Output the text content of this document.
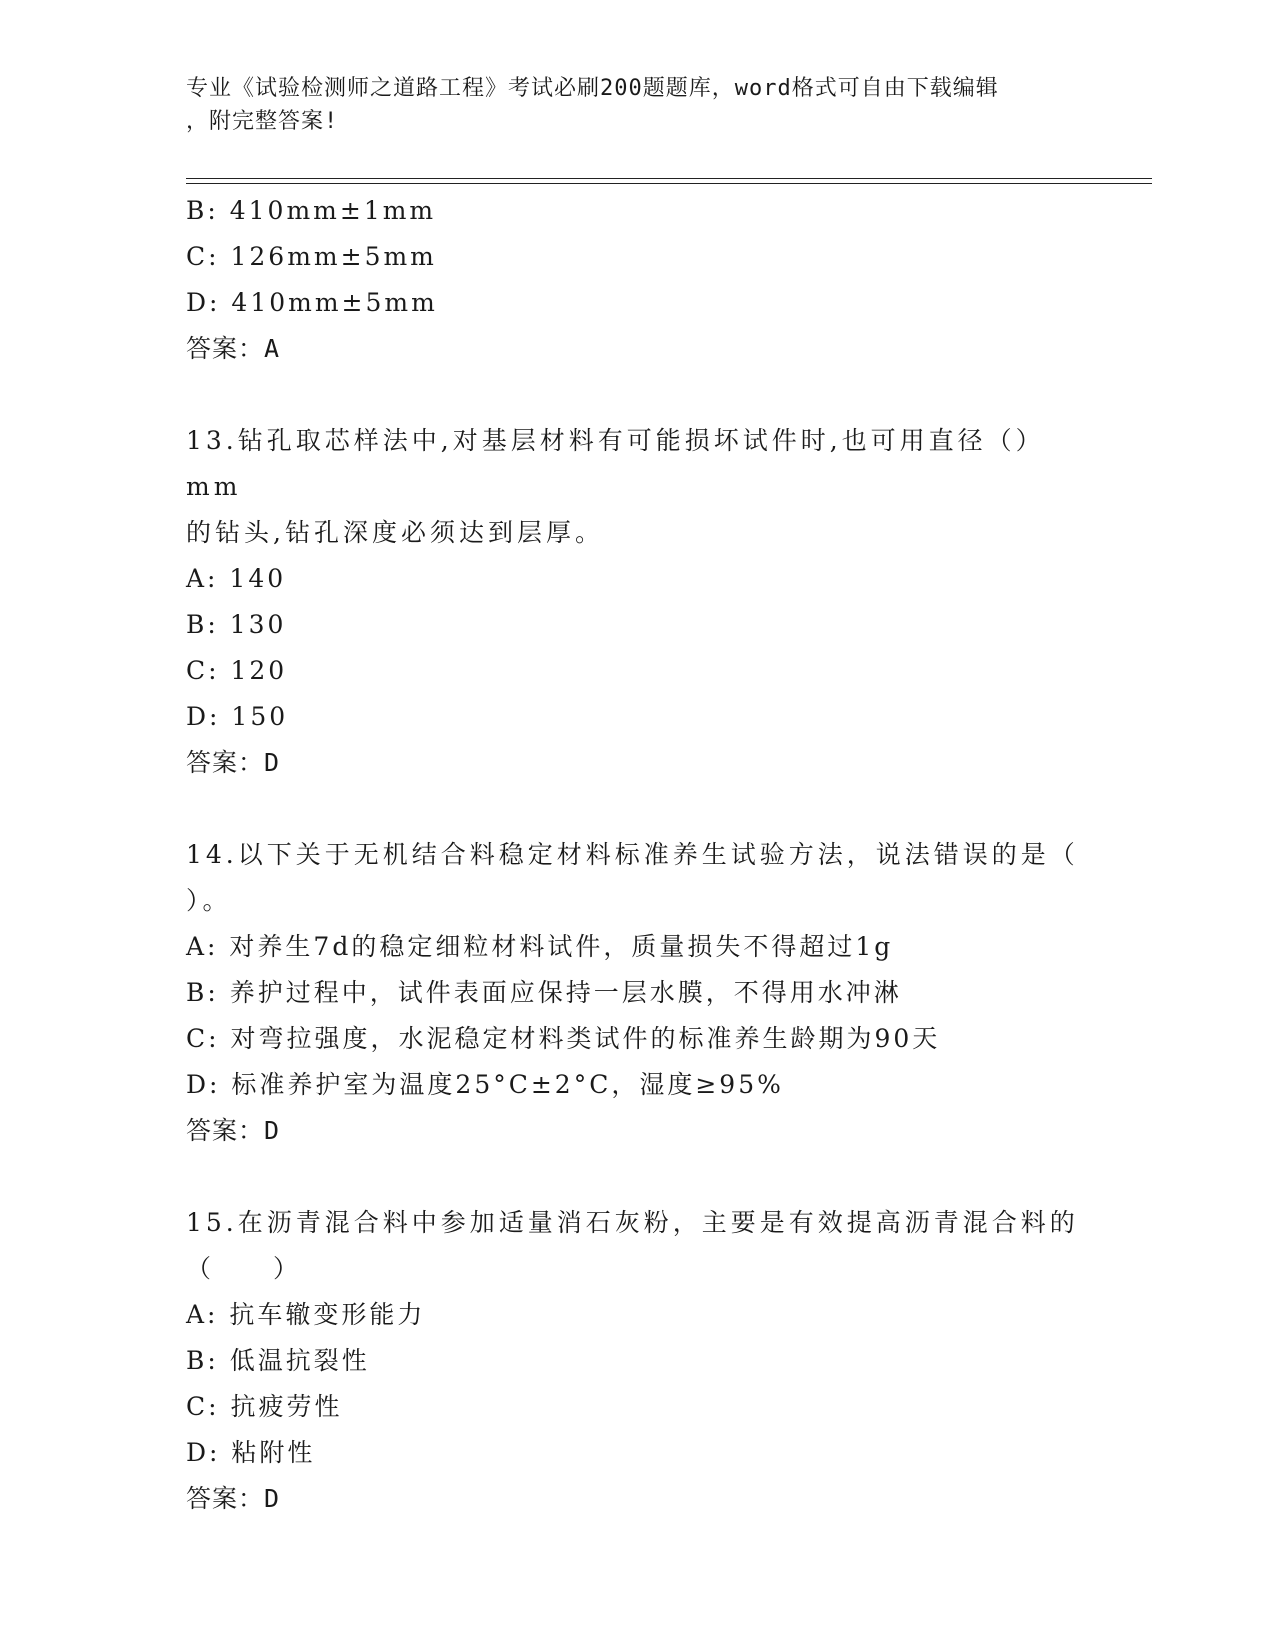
专业《试验检测师之道路工程》考试必刷200题题库，word格式可自由下载编辑
，附完整答案!
B: 410mm±1mm
C: 126mm±5mm
D: 410mm±5mm
答案：A
13.钻孔取芯样法中,对基层材料有可能损坏试件时,也可用直径（）mm
的钻头,钻孔深度必须达到层厚。
A: 140
B: 130
C: 120
D: 150
答案：D
14.以下关于无机结合料稳定材料标准养生试验方法，说法错误的是（
）。
A: 对养生7d的稳定细粒材料试件，质量损失不得超过1g
B: 养护过程中，试件表面应保持一层水膜，不得用水冲淋
C: 对弯拉强度，水泥稳定材料类试件的标准养生龄期为90天
D: 标准养护室为温度25°C±2°C，湿度≥95%
答案：D
15.在沥青混合料中参加适量消石灰粉，主要是有效提高沥青混合料的
（　　）
A: 抗车辙变形能力
B: 低温抗裂性
C: 抗疲劳性
D: 粘附性
答案：D
